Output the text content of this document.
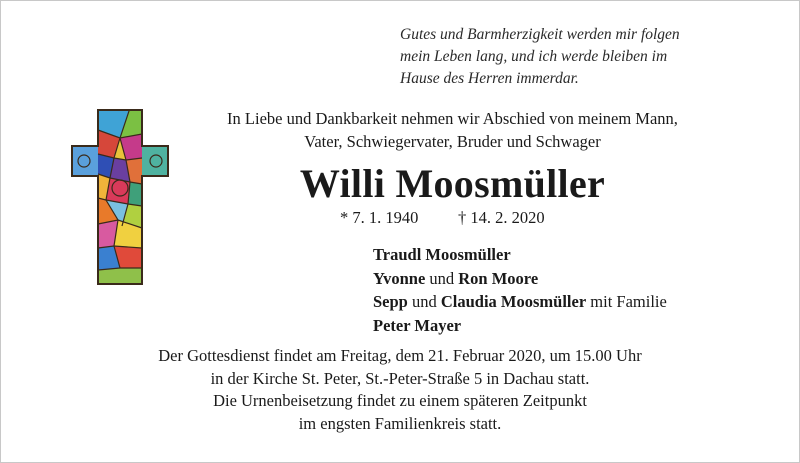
Gutes und Barmherzigkeit werden mir folgen
mein Leben lang, und ich werde bleiben im
Hause des Herren immerdar.
In Liebe und Dankbarkeit nehmen wir Abschied von meinem Mann,
Vater, Schwiegervater, Bruder und Schwager
Willi Moosmüller
* 7. 1. 1940 † 14. 2. 2020
Traudl Moosmüller
Yvonne und Ron Moore
Sepp und Claudia Moosmüller mit Familie
Peter Mayer
Der Gottesdienst findet am Freitag, dem 21. Februar 2020, um 15.00 Uhr
in der Kirche St. Peter, St.-Peter-Straße 5 in Dachau statt.
Die Urnenbeisetzung findet zu einem späteren Zeitpunkt
im engsten Familienkreis statt.
